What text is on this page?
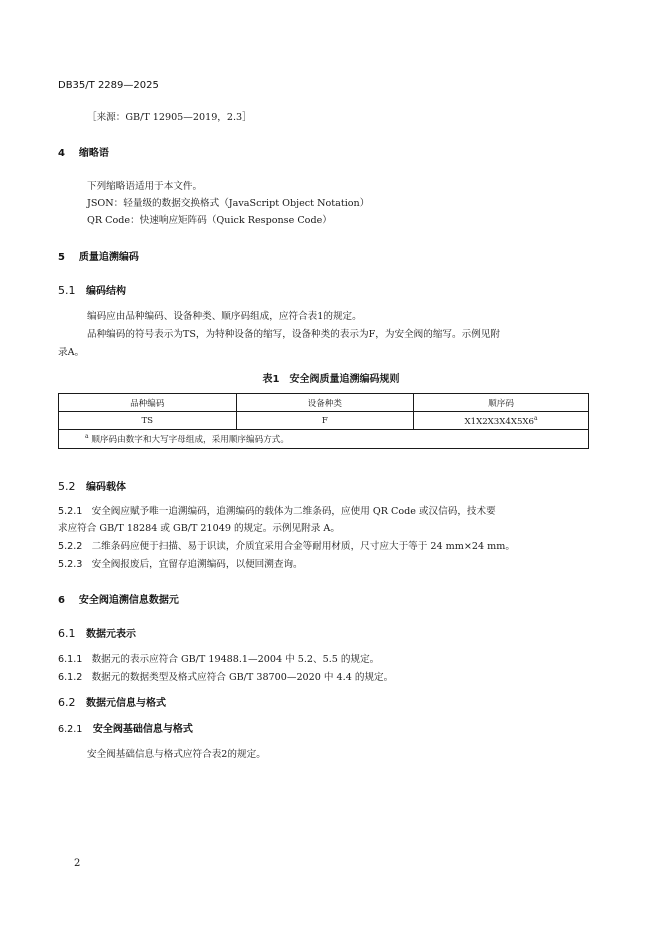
DB35/T 2289—2025
［来源：GB/T 12905—2019，2.3］
4 缩略语
下列缩略语适用于本文件。
JSON：轻量级的数据交换格式（JavaScript Object Notation）
QR Code：快速响应矩阵码（Quick Response Code）
5 质量追溯编码
5.1 编码结构
编码应由品种编码、设备种类、顺序码组成，应符合表1的规定。
品种编码的符号表示为TS，为特种设备的缩写，设备种类的表示为F，为安全阀的缩写。示例见附
录A。
表1　安全阀质量追溯编码规则
品种编码	设备种类	顺序码
TS	F	X1X2X3X4X5X6$^a$
$^a$ 顺序码由数字和大写字母组成，采用顺序编码方式。		
5.2 编码载体
5.2.1 安全阀应赋予唯一追溯编码，追溯编码的载体为二维条码，应使用 QR Code 或汉信码，技术要
求应符合 GB/T 18284 或 GB/T 21049 的规定。示例见附录 A。
5.2.2 二维条码应便于扫描、易于识读，介质宜采用合金等耐用材质，尺寸应大于等于 24 mm×24 mm。
5.2.3 安全阀报废后，宜留存追溯编码，以便回溯查询。
6 安全阀追溯信息数据元
6.1 数据元表示
6.1.1 数据元的表示应符合 GB/T 19488.1—2004 中 5.2、5.5 的规定。
6.1.2 数据元的数据类型及格式应符合 GB/T 38700—2020 中 4.4 的规定。
6.2 数据元信息与格式
6.2.1 安全阀基础信息与格式
安全阀基础信息与格式应符合表2的规定。
2
